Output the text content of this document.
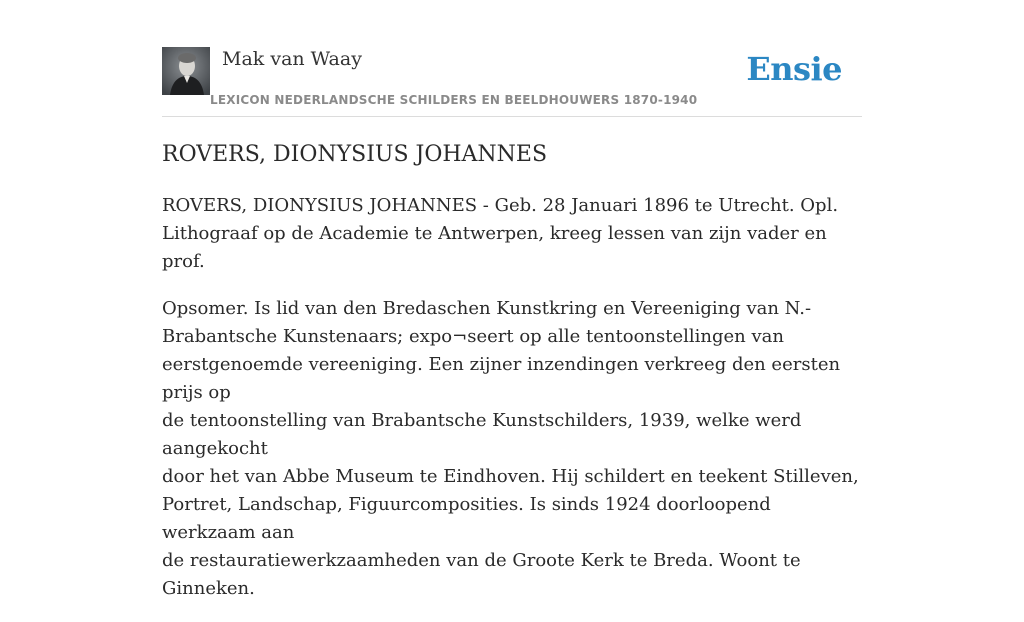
Mak van Waay
LEXICON NEDERLANDSCHE SCHILDERS EN BEELDHOUWERS 1870-1940
Ensie
ROVERS, DIONYSIUS JOHANNES

ROVERS, DIONYSIUS JOHANNES - Geb. 28 Januari 1896 te Utrecht. Opl.
Lithograaf op de Academie te Antwerpen, kreeg lessen van zijn vader en prof.

Opsomer. Is lid van den Bredaschen Kunstkring en Vereeniging van N.-
Brabantsche Kunstenaars; expo¬seert op alle tentoonstellingen van
eerstgenoemde vereeniging. Een zijner inzendingen verkreeg den eersten prijs op
de tentoonstelling van Brabantsche Kunstschilders, 1939, welke werd aangekocht
door het van Abbe Museum te Eindhoven. Hij schildert en teekent Stilleven,
Portret, Landschap, Figuurcomposities. Is sinds 1924 doorloopend werkzaam aan
de restauratiewerkzaamheden van de Groote Kerk te Breda. Woont te Ginneken.
